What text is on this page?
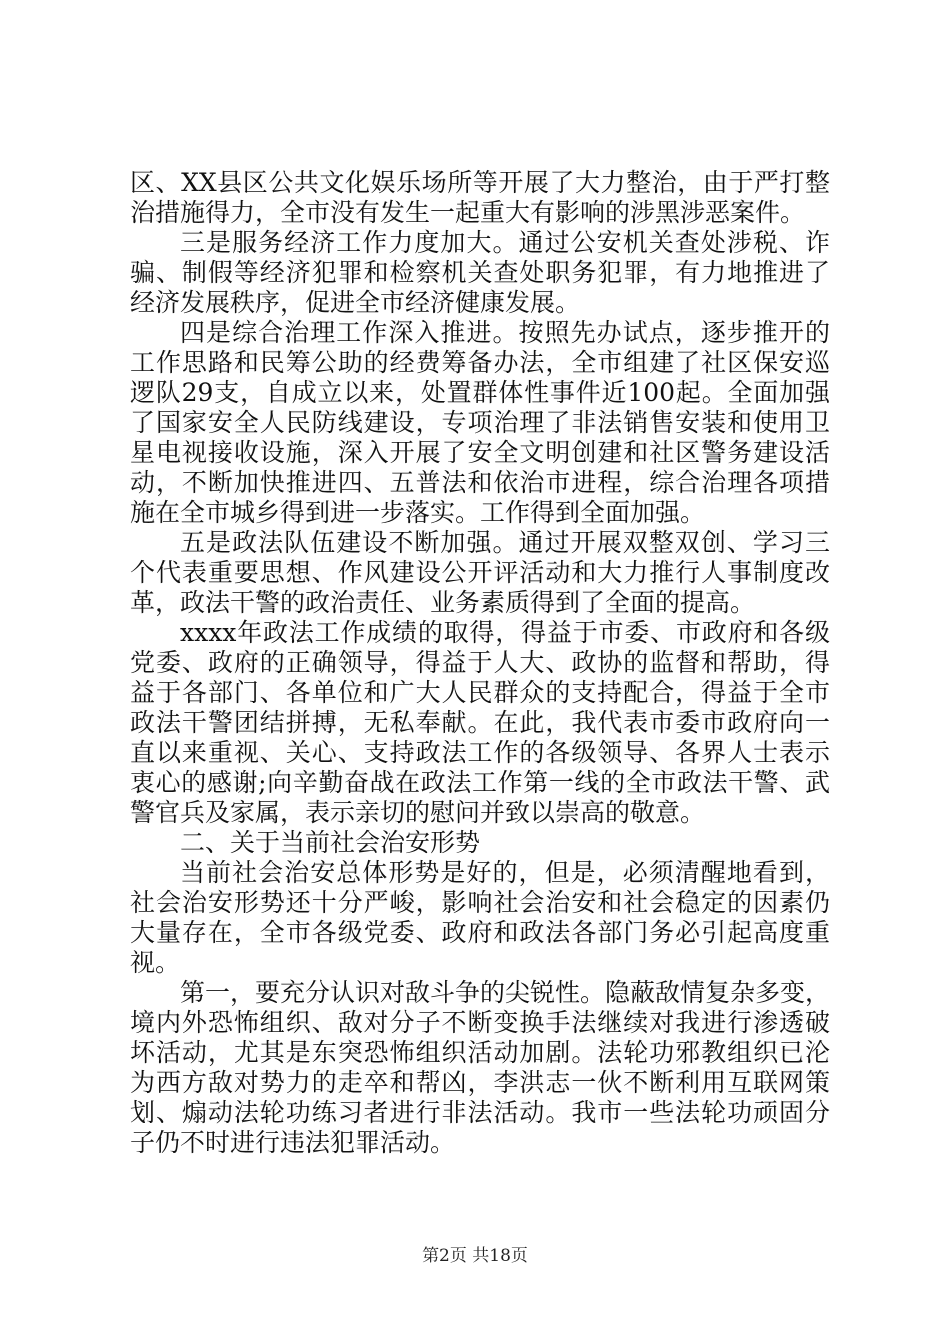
区、XX县区公共文化娱乐场所等开展了大力整治，由于严打整
治措施得力，全市没有发生一起重大有影响的涉黑涉恶案件。
三是服务经济工作力度加大。通过公安机关查处涉税、诈
骗、制假等经济犯罪和检察机关查处职务犯罪，有力地推进了
经济发展秩序，促进全市经济健康发展。
四是综合治理工作深入推进。按照先办试点，逐步推开的
工作思路和民筹公助的经费筹备办法，全市组建了社区保安巡
逻队29支，自成立以来，处置群体性事件近100起。全面加强
了国家安全人民防线建设，专项治理了非法销售安装和使用卫
星电视接收设施，深入开展了安全文明创建和社区警务建设活
动，不断加快推进四、五普法和依治市进程，综合治理各项措
施在全市城乡得到进一步落实。工作得到全面加强。
五是政法队伍建设不断加强。通过开展双整双创、学习三
个代表重要思想、作风建设公开评活动和大力推行人事制度改
革，政法干警的政治责任、业务素质得到了全面的提高。
xxxx年政法工作成绩的取得，得益于市委、市政府和各级
党委、政府的正确领导，得益于人大、政协的监督和帮助，得
益于各部门、各单位和广大人民群众的支持配合，得益于全市
政法干警团结拼搏，无私奉献。在此，我代表市委市政府向一
直以来重视、关心、支持政法工作的各级领导、各界人士表示
衷心的感谢;向辛勤奋战在政法工作第一线的全市政法干警、武
警官兵及家属，表示亲切的慰问并致以崇高的敬意。
二、关于当前社会治安形势
当前社会治安总体形势是好的，但是，必须清醒地看到，
社会治安形势还十分严峻，影响社会治安和社会稳定的因素仍
大量存在，全市各级党委、政府和政法各部门务必引起高度重
视。
第一，要充分认识对敌斗争的尖锐性。隐蔽敌情复杂多变，
境内外恐怖组织、敌对分子不断变换手法继续对我进行渗透破
坏活动，尤其是东突恐怖组织活动加剧。法轮功邪教组织已沦
为西方敌对势力的走卒和帮凶，李洪志一伙不断利用互联网策
划、煽动法轮功练习者进行非法活动。我市一些法轮功顽固分
子仍不时进行违法犯罪活动。
第2页 共18页
